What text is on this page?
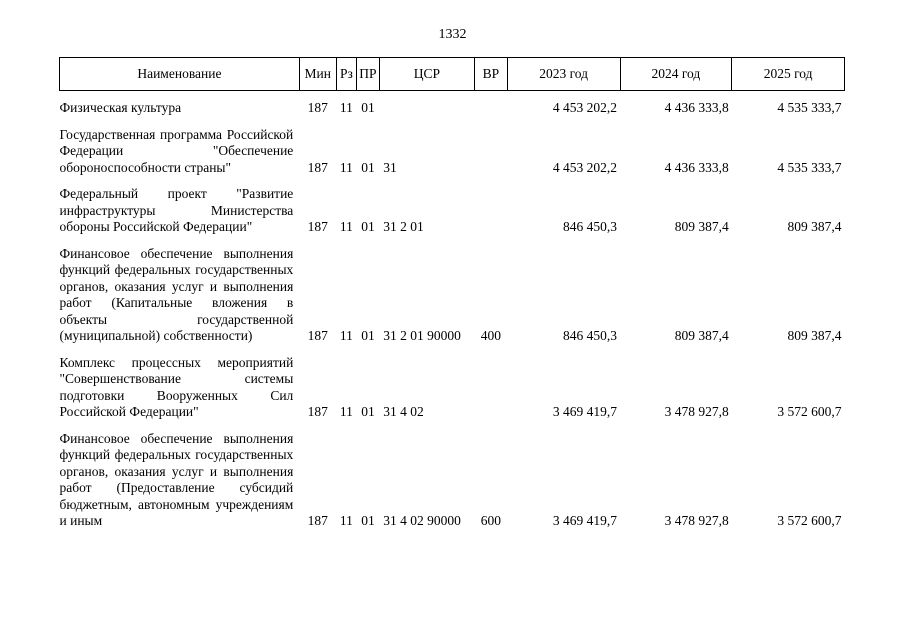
1332
Наименование	Мин	Рз	ПР	ЦСР	ВР	2023 год	2024 год	2025 год
Физическая культура	187	11	01			4 453 202,2	4 436 333,8	4 535 333,7
Государственная программа Российской Федерации "Обеспечение обороноспособности страны"	187	11	01	31		4 453 202,2	4 436 333,8	4 535 333,7
Федеральный проект "Развитие инфраструктуры Министерства обороны Российской Федерации"	187	11	01	31 2 01		846 450,3	809 387,4	809 387,4
Финансовое обеспечение выполнения функций федеральных государственных органов, оказания услуг и выполнения работ (Капитальные вложения в объекты государственной (муниципальной) собственности)	187	11	01	31 2 01 90000	400	846 450,3	809 387,4	809 387,4
Комплекс процессных мероприятий "Совершенствование системы подготовки Вооруженных Сил Российской Федерации"	187	11	01	31 4 02		3 469 419,7	3 478 927,8	3 572 600,7
Финансовое обеспечение выполнения функций федеральных государственных органов, оказания услуг и выполнения работ (Предоставление субсидий бюджетным, автономным учреждениям и иным	187	11	01	31 4 02 90000	600	3 469 419,7	3 478 927,8	3 572 600,7
